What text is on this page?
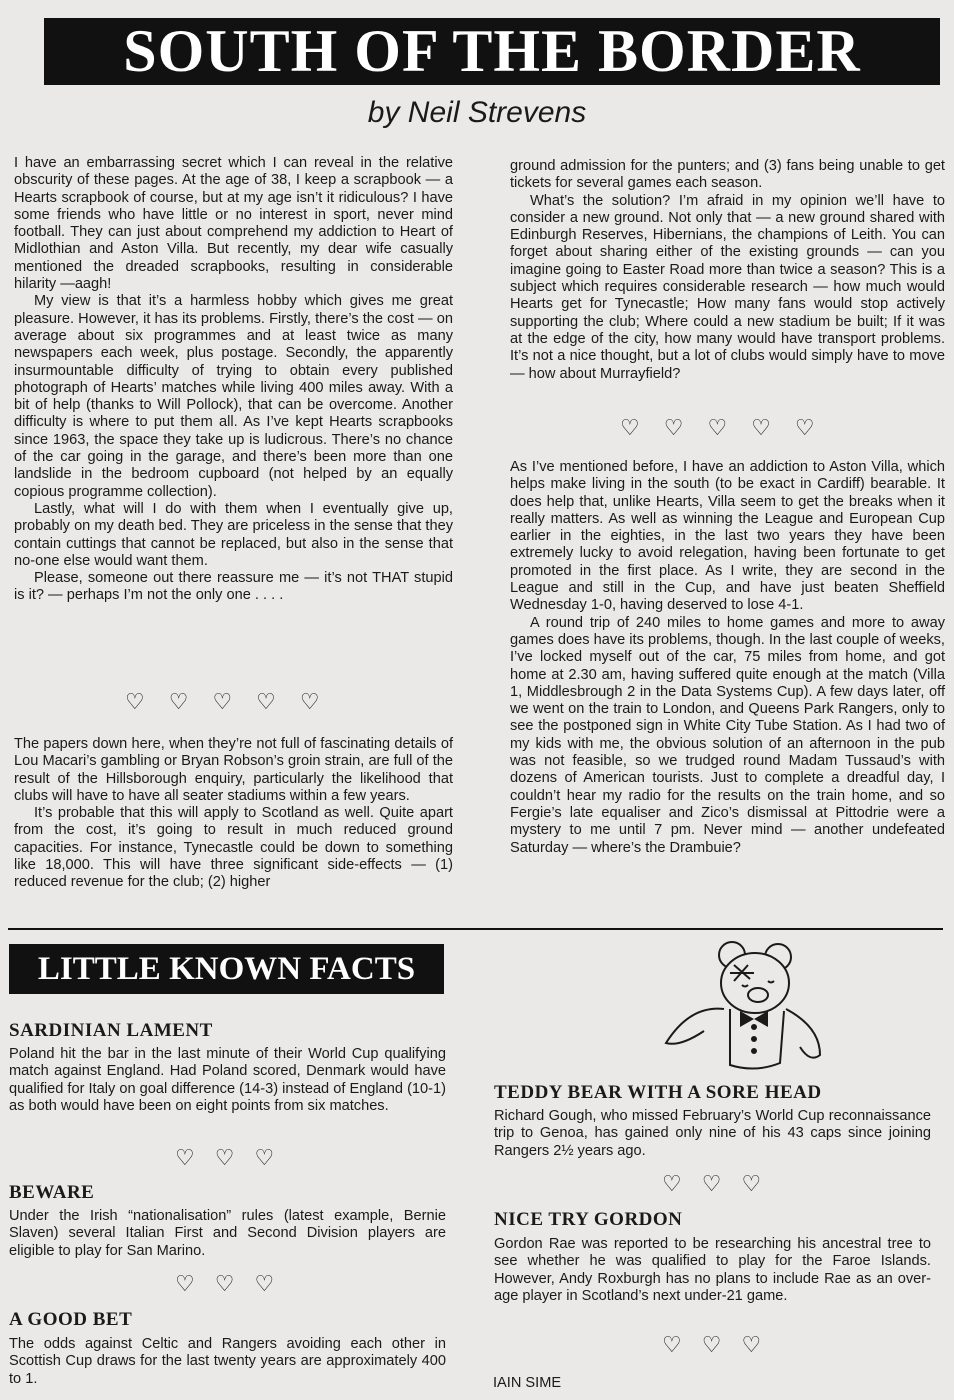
SOUTH OF THE BORDER
by Neil Strevens

I have an embarrassing secret which I can reveal in the relative obscurity of these pages. At the age of 38, I keep a scrapbook — a Hearts scrapbook of course, but at my age isn’t it ridiculous? I have some friends who have little or no interest in sport, never mind football. They can just about comprehend my addiction to Heart of Midlothian and Aston Villa. But recently, my dear wife casually mentioned the dreaded scrapbooks, resulting in considerable hilarity —aagh!

My view is that it’s a harmless hobby which gives me great pleasure. However, it has its problems. Firstly, there’s the cost — on average about six programmes and at least twice as many newspapers each week, plus postage. Secondly, the apparently insurmountable difficulty of trying to obtain every published photograph of Hearts’ matches while living 400 miles away. With a bit of help (thanks to Will Pollock), that can be overcome. Another difficulty is where to put them all. As I’ve kept Hearts scrapbooks since 1963, the space they take up is ludicrous. There’s no chance of the car going in the garage, and there’s been more than one landslide in the bedroom cupboard (not helped by an equally copious programme collection).

Lastly, what will I do with them when I eventually give up, probably on my death bed. They are priceless in the sense that they contain cuttings that cannot be replaced, but also in the sense that no-one else would want them.

Please, someone out there reassure me — it’s not THAT stupid is it? — perhaps I’m not the only one . . . .

♡♡♡♡♡

The papers down here, when they’re not full of fascinating details of Lou Macari’s gambling or Bryan Robson’s groin strain, are full of the result of the Hillsborough enquiry, particularly the likelihood that clubs will have to have all seater stadiums within a few years.

It’s probable that this will apply to Scotland as well. Quite apart from the cost, it’s going to result in much reduced ground capacities. For instance, Tynecastle could be down to something like 18,000. This will have three significant side-effects — (1) reduced revenue for the club; (2) higher

ground admission for the punters; and (3) fans being unable to get tickets for several games each season.

What’s the solution? I’m afraid in my opinion we’ll have to consider a new ground. Not only that — a new ground shared with Edinburgh Reserves, Hibernians, the champions of Leith. You can forget about sharing either of the existing grounds — can you imagine going to Easter Road more than twice a season? This is a subject which requires considerable research — how much would Hearts get for Tynecastle; How many fans would stop actively supporting the club; Where could a new stadium be built; If it was at the edge of the city, how many would have transport problems. It’s not a nice thought, but a lot of clubs would simply have to move — how about Murrayfield?

♡♡♡♡♡

As I’ve mentioned before, I have an addiction to Aston Villa, which helps make living in the south (to be exact in Cardiff) bearable. It does help that, unlike Hearts, Villa seem to get the breaks when it really matters. As well as winning the League and European Cup earlier in the eighties, in the last two years they have been extremely lucky to avoid relegation, having been fortunate to get promoted in the first place. As I write, they are second in the League and still in the Cup, and have just beaten Sheffield Wednesday 1-0, having deserved to lose 4-1.

A round trip of 240 miles to home games and more to away games does have its problems, though. In the last couple of weeks, I’ve locked myself out of the car, 75 miles from home, and got home at 2.30 am, having suffered quite enough at the match (Villa 1, Middlesbrough 2 in the Data Systems Cup). A few days later, off we went on the train to London, and Queens Park Rangers, only to see the postponed sign in White City Tube Station. As I had two of my kids with me, the obvious solution of an afternoon in the pub was not feasible, so we trudged round Madam Tussaud’s with dozens of American tourists. Just to complete a dreadful day, I couldn’t hear my radio for the results on the train home, and so Fergie’s late equaliser and Zico’s dismissal at Pittodrie were a mystery to me until 7 pm. Never mind — another undefeated Saturday — where’s the Drambuie?

LITTLE KNOWN FACTS
SARDINIAN LAMENT
Poland hit the bar in the last minute of their World Cup qualifying match against England. Had Poland scored, Denmark would have qualified for Italy on goal difference (14-3) instead of England (10-1) as both would have been on eight points from six matches.
♡♡♡
BEWARE
Under the Irish “nationalisation” rules (latest example, Bernie Slaven) several Italian First and Second Division players are eligible to play for San Marino.
♡♡♡
A GOOD BET
The odds against Celtic and Rangers avoiding each other in Scottish Cup draws for the last twenty years are approximately 400 to 1.
TEDDY BEAR WITH A SORE HEAD
Richard Gough, who missed February’s World Cup reconnaissance trip to Genoa, has gained only nine of his 43 caps since joining Rangers 2½ years ago.
♡♡♡
NICE TRY GORDON
Gordon Rae was reported to be researching his ancestral tree to see whether he was qualified to play for the Faroe Islands. However, Andy Roxburgh has no plans to include Rae as an over-age player in Scotland’s next under-21 game.
♡♡♡
IAIN SIME
